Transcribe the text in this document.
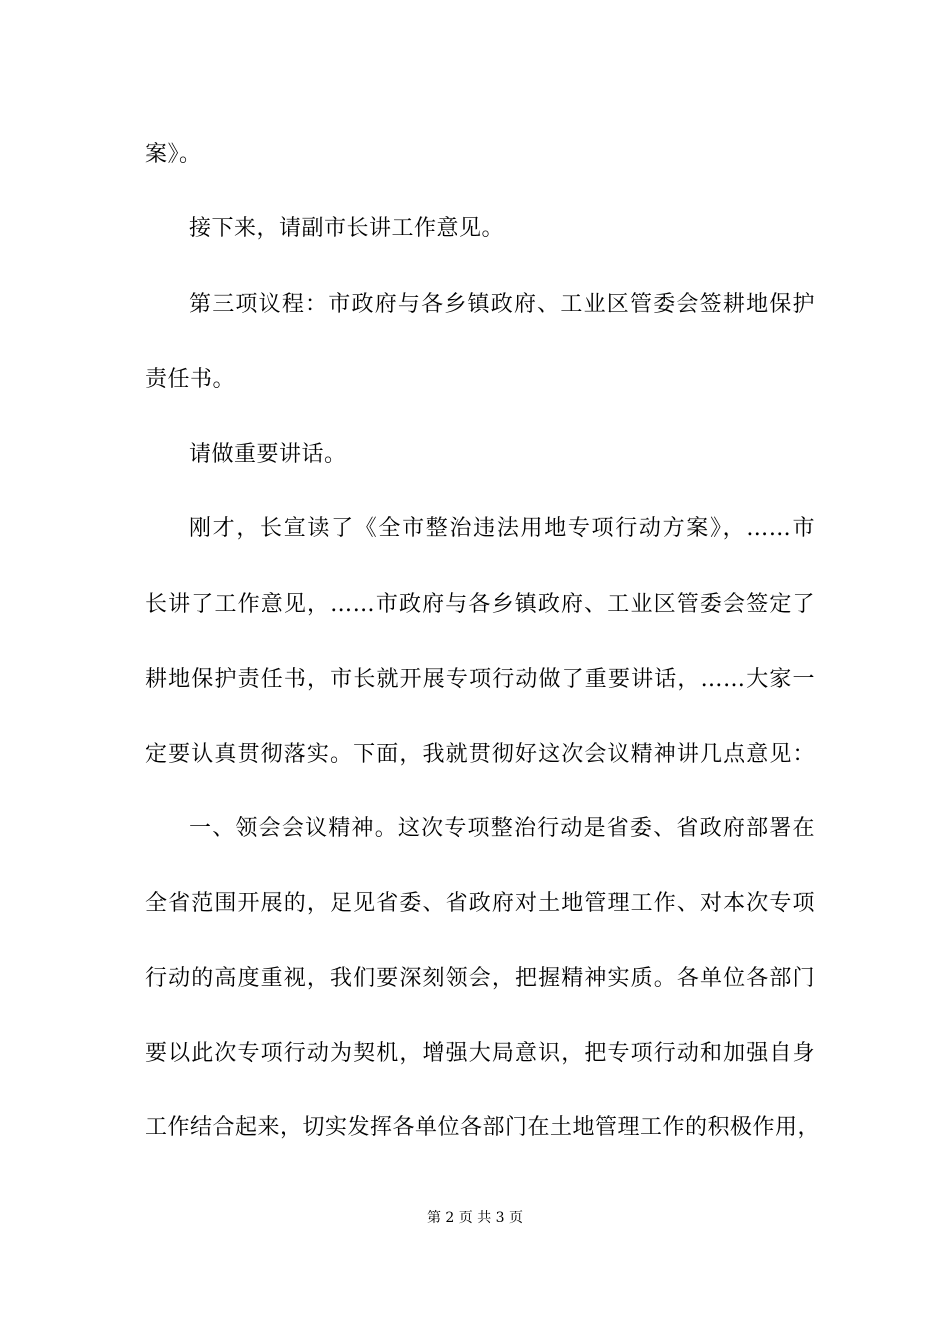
案》。
接下来，请副市长讲工作意见。
第三项议程：市政府与各乡镇政府、工业区管委会签耕地保护
责任书。
请做重要讲话。
刚才，长宣读了《全市整治违法用地专项行动方案》，……市
长讲了工作意见，……市政府与各乡镇政府、工业区管委会签定了
耕地保护责任书，市长就开展专项行动做了重要讲话，……大家一
定要认真贯彻落实。下面，我就贯彻好这次会议精神讲几点意见：
一、领会会议精神。这次专项整治行动是省委、省政府部署在
全省范围开展的，足见省委、省政府对土地管理工作、对本次专项
行动的高度重视，我们要深刻领会，把握精神实质。各单位各部门
要以此次专项行动为契机，增强大局意识，把专项行动和加强自身
工作结合起来，切实发挥各单位各部门在土地管理工作的积极作用，
第 2 页 共 3 页
